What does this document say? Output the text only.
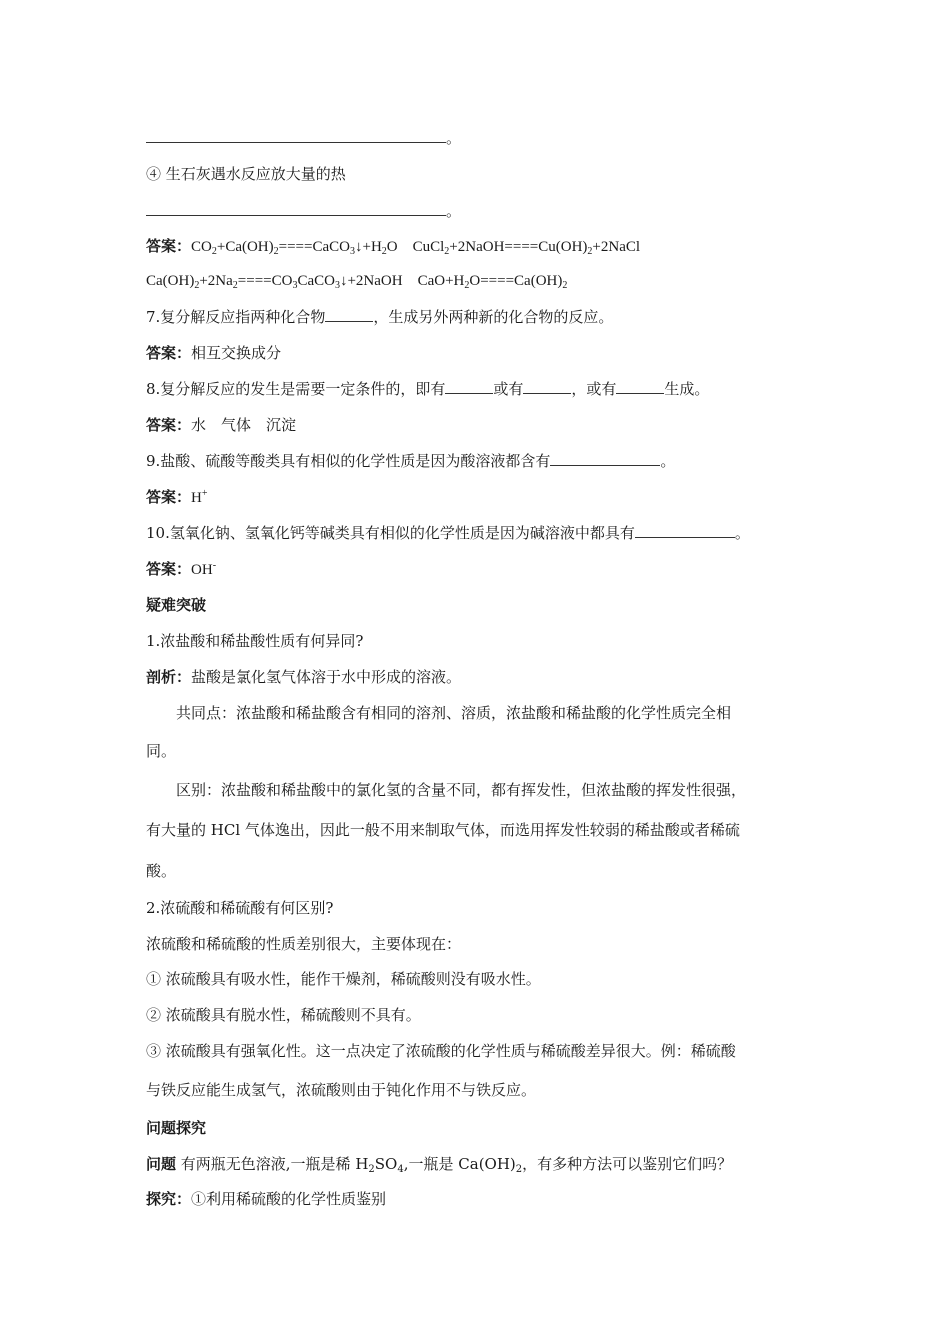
。
④ 生石灰遇水反应放大量的热
。
答案：$CO_2+Ca(OH)_2====CaCO_3↓+H_2O$　$CuCl_2+2NaOH====Cu(OH)_2+2NaCl$
$Ca(OH)_2+2Na_2====CO_3CaCO_3↓+2NaOH$　$CaO+H_2O====Ca(OH)_2$
7.复分解反应指两种化合物	，生成另外两种新的化合物的反应。
答案：相互交换成分
8.复分解反应的发生是需要一定条件的，即有	或有	，或有	生成。
答案：水　气体　沉淀
9.盐酸、硫酸等酸类具有相似的化学性质是因为酸溶液都含有	。
答案：H+
10.氢氧化钠、氢氧化钙等碱类具有相似的化学性质是因为碱溶液中都具有	。
答案：OH-
疑难突破
1.浓盐酸和稀盐酸性质有何异同?
剖析：盐酸是氯化氢气体溶于水中形成的溶液。
共同点：浓盐酸和稀盐酸含有相同的溶剂、溶质，浓盐酸和稀盐酸的化学性质完全相
同。
区别：浓盐酸和稀盐酸中的氯化氢的含量不同，都有挥发性，但浓盐酸的挥发性很强，
有大量的 HCl 气体逸出，因此一般不用来制取气体，而选用挥发性较弱的稀盐酸或者稀硫
酸。
2.浓硫酸和稀硫酸有何区别?
浓硫酸和稀硫酸的性质差别很大，主要体现在：
① 浓硫酸具有吸水性，能作干燥剂，稀硫酸则没有吸水性。
② 浓硫酸具有脱水性，稀硫酸则不具有。
③ 浓硫酸具有强氧化性。这一点决定了浓硫酸的化学性质与稀硫酸差异很大。例：稀硫酸
与铁反应能生成氢气，浓硫酸则由于钝化作用不与铁反应。
问题探究
问题 有两瓶无色溶液,一瓶是稀 $H_2SO_4$,一瓶是 $Ca(OH)_2$，有多种方法可以鉴别它们吗？
探究：①利用稀硫酸的化学性质鉴别
